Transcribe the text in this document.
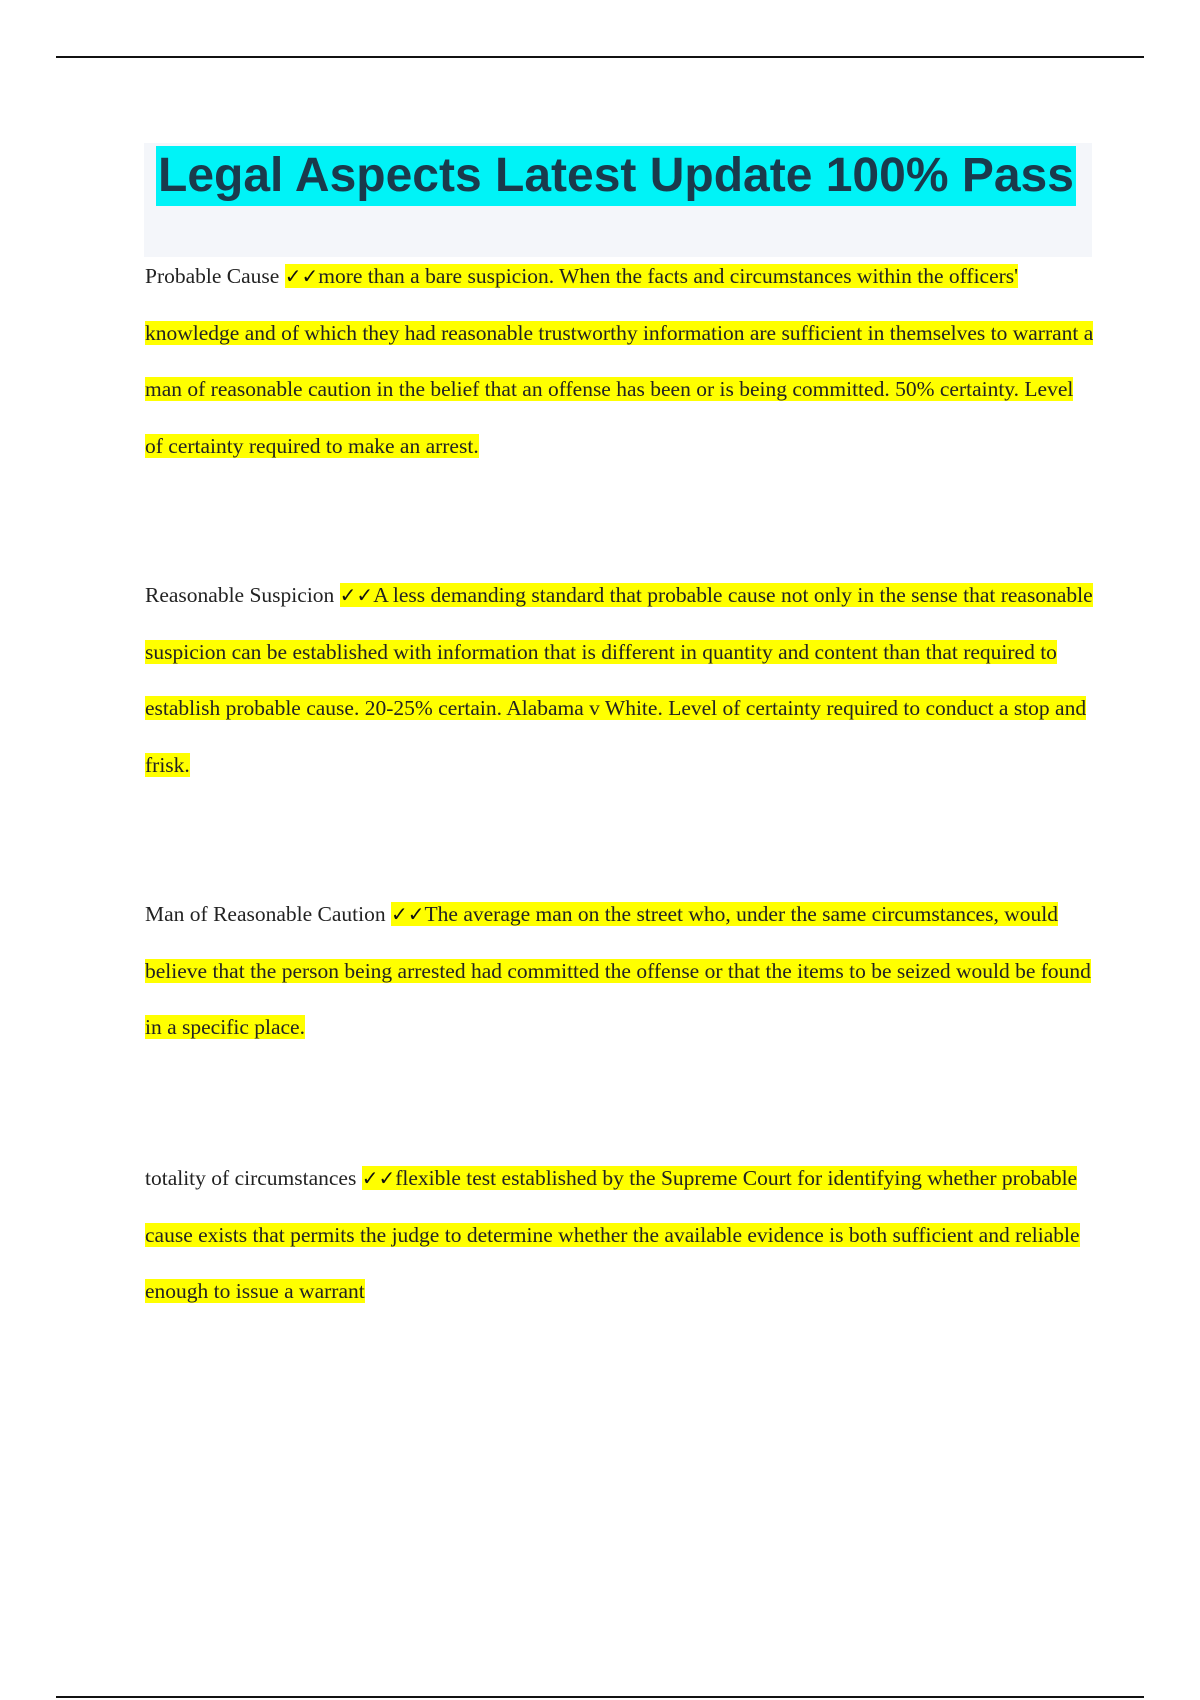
Legal Aspects Latest Update 100% Pass

Probable Cause ✓✓more than a bare suspicion. When the facts and circumstances within the officers' knowledge and of which they had reasonable trustworthy information are sufficient in themselves to warrant a man of reasonable caution in the belief that an offense has been or is being committed. 50% certainty. Level of certainty required to make an arrest.

Reasonable Suspicion ✓✓A less demanding standard that probable cause not only in the sense that reasonable suspicion can be established with information that is different in quantity and content than that required to establish probable cause. 20-25% certain. Alabama v White. Level of certainty required to conduct a stop and frisk.

Man of Reasonable Caution ✓✓The average man on the street who, under the same circumstances, would believe that the person being arrested had committed the offense or that the items to be seized would be found in a specific place.

totality of circumstances ✓✓flexible test established by the Supreme Court for identifying whether probable cause exists that permits the judge to determine whether the available evidence is both sufficient and reliable enough to issue a warrant
